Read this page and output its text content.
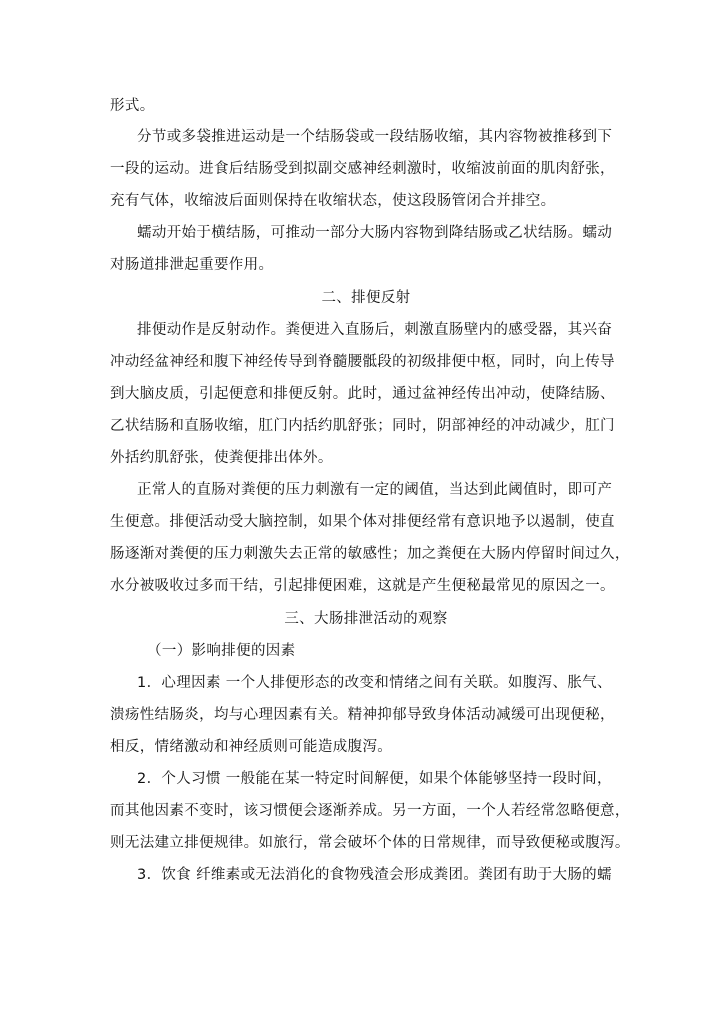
形式。
分节或多袋推进运动是一个结肠袋或一段结肠收缩，其内容物被推移到下
一段的运动。进食后结肠受到拟副交感神经刺激时，收缩波前面的肌肉舒张，
充有气体，收缩波后面则保持在收缩状态，使这段肠管闭合并排空。
蠕动开始于横结肠，可推动一部分大肠内容物到降结肠或乙状结肠。蠕动
对肠道排泄起重要作用。
二、排便反射
排便动作是反射动作。粪便进入直肠后，刺激直肠壁内的感受器，其兴奋
冲动经盆神经和腹下神经传导到脊髓腰骶段的初级排便中枢，同时，向上传导
到大脑皮质，引起便意和排便反射。此时，通过盆神经传出冲动，使降结肠、
乙状结肠和直肠收缩，肛门内括约肌舒张；同时，阴部神经的冲动减少，肛门
外括约肌舒张，使粪便排出体外。
正常人的直肠对粪便的压力刺激有一定的阈值，当达到此阈值时，即可产
生便意。排便活动受大脑控制，如果个体对排便经常有意识地予以遏制，使直
肠逐渐对粪便的压力刺激失去正常的敏感性；加之粪便在大肠内停留时间过久，
水分被吸收过多而干结，引起排便困难，这就是产生便秘最常见的原因之一。
三、大肠排泄活动的观察
（一）影响排便的因素
1．心理因素 一个人排便形态的改变和情绪之间有关联。如腹泻、胀气、
溃疡性结肠炎，均与心理因素有关。精神抑郁导致身体活动减缓可出现便秘，
相反，情绪激动和神经质则可能造成腹泻。
2．个人习惯 一般能在某一特定时间解便，如果个体能够坚持一段时间，
而其他因素不变时，该习惯便会逐渐养成。另一方面，一个人若经常忽略便意，
则无法建立排便规律。如旅行，常会破坏个体的日常规律，而导致便秘或腹泻。
3．饮食 纤维素或无法消化的食物残渣会形成粪团。粪团有助于大肠的蠕
